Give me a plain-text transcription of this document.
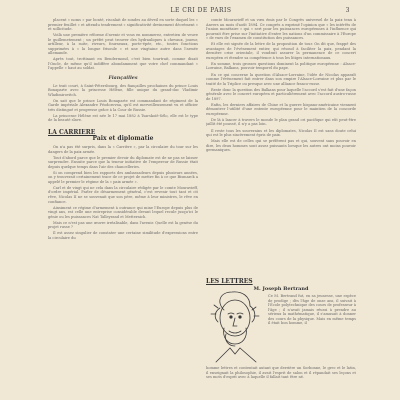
LE CRI DE PARIS	3

placent « noms » par bonté, riscalait de sondes au déveil en sorte duquel les « premier feuillet » et attendu tendrement « significativité devinement décrément » et sollicitude.

Voilà une première réforme d'avenir et vous en nommerez, entretien de veuve le guillemetement ; un préfet peut trouver des hydrauliques à chevaux, joueur, artilleur, à la suite, riveurs, fourneaux, porte-épée, etc., toutes fonctions supprimées à « la longue frisoule » et une vingtaine autre dans l'armée allemande.

Après tout, trottinant en Bendermond, c'est bien tourtrait, comme disait l'Oncle, de même qu'il indiffère abondamment que votre chef commandant « l'appelle » haut au soldat.

Fiançailles

Le trait court, à Saint-Pétersbourg, des fiançailles prochaines du prince Louis Bonaparte avec la princesse Hélène, fille unique du grand-duc Vladimir Wladimirovitch.

On sait que le prince Louis Bonaparte est commandant de régiment de la Garde impériale Alexandre Féodorovna, qu'il est merveilleusement vu et officier très distingué et progresse grâce à la Cour de Russie.

La princesse Hélène est née le 17 mai 1882 à Tsarskoïé-Sélo, elle est le type de la beauté slave.

LA CARRIERE
Paix et diplomatie

On n'a pas été surpris, dans la « Carrière », par la circulaire du tour sur les dangers de la paix armée.

Tout d'abord parce que le premier devoir du diplomate est de ne pas se laisser surprendre. Ensuite parce que la teneur initiative de l'empereur de Russie était depuis quelque temps dans l'air des chancelleries.

Si on comprend bien les rapports des ambassadeurs depuis plusieurs années, on y trouverait certainement trace de ce projet de mettre fin à ce que Bismarck a appelé le premier le régime de la « paix armée ».

Carl et de vingt qui ne cela dans la circulaire rédigée par le comte Mouravieff, d'ordre impérial. Parler de désarmement général, c'est revenir tout tant et cit rêve, Nicolas II ne se souvenait que son père, même à leur ministres, le rêve en confiance.

Ainsiment ce régime d'armement à outrance qui mine l'Europe depuis plus de vingt ans, est celle une entreprise considérable devant lequel recule jusqu'ici le génie ou les puissances Nat Talleyrand et Metternich.

Mais ce n'est pas une œuvre irréalisable, dans l'avenir. Quelle est la genèse du projet russe ?

Il est assez singulier de constater une certaine similitude d'expressions entre la circulaire du

comte Mouravieff et un vœu émis par le Congrès universel de la paix tenu à Anvers au mois d'août 1894. Ce congrès a exprimé l'opinion que « les intérêts de l'union monétaire » qui « sert pour les puissances européennes à l'influence qui pourrait être prise sur l'initiative d'entre les nations d'un commissaire à l'Europe » de vues de l'examen de constitution des puissances.

Et elle est signée de la lettre de la proposition de tour. On dit que, frappé des avantages de l'évènement entier, qui résoud à faciliter la paix, pendant la dernière crise orientale, il voudrait assurer la permanence de ce concert européen et étendre sa compétence à tous les litiges internationaux.

En somme, trois grosses questions dominent la politique européenne : Alsace-Lorraine, Balkans, pouvoir temporel du pape.

En ce qui concerne la question d'Alsace-Lorraine, l'idée de Nicolas apparaît comme l'évènement fait entrer dans son empire l'Alsace-Lorraine et plus par le traité de la Triplice ou presque avec une alliance franco-russe.

Reste donc la question des Balkans pour laquelle l'accord s'est fait d'une façon générale avec le concert européen et particulièrement avec l'accord austro-russe de 1897.

Enfin, les derniers affaires de Chine et la guerre hispano-américaine viennent démontrer l'utilité d'une entente européenne pour le maintien de la concorde européenne.

De là à lancer à travers le monde le plan grand cri pacifique qui eût peut-être jaillit été poussé, il n'y a pas loin.

Il reste tous les souverains et les diplomates, Nicolas II est sans doute celui qui est le plus sincèrement épris de paix.

Mais elle est de celles qui se préfèrent pas et qui, souvent sans pouvoir en dire, les deux hommes sont assez puissants lorsque les autres ont moins pouvoir germaniques.

LES LETTRES
M. Joseph Bertrand

Ce M. Bertrand fut, en sa jeunesse, une espèce de prodige ; dès l'âge de onze ans, il suivait à l'École polytechnique des cours de professeur à l'âge ; il n'avait jamais réussi à prendre au sérieux la mathématique, il s'amusait à donner des cours de la physique. Mais en même temps il était bon homme, il

homme lettres et contentait autant que derrière un Sorbonne, le grec et le latin, il enseignait la philosophie, il avait l'esprit de salon et il répandait ses leçons et ses mots d'esprit avec à laquelle il fallait tant être né.
